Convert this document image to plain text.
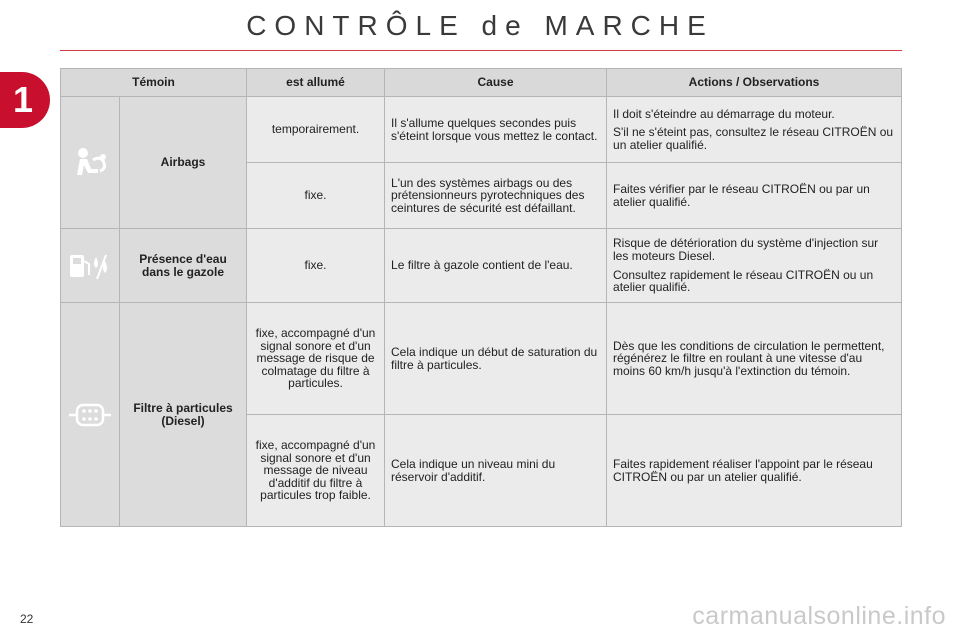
CONTRÔLE de MARCHE
1	Témoin		est allumé	Cause	Actions / Observations
	Airbags	temporairement.	Il s'allume quelques secondes puis s'éteint lorsque vous mettez le contact.	Il doit s'éteindre au démarrage du moteur.

S'il ne s'éteint pas, consultez le réseau CITROËN ou un atelier qualifié.

		fixe.	L'un des systèmes airbags ou des prétensionneurs pyrotechniques des ceintures de sécurité est défaillant.	Faites vérifier par le réseau CITROËN ou par un atelier qualifié.

	Présence d'eau dans le gazole	fixe.	Le filtre à gazole contient de l'eau.	Risque de détérioration du système d'injection sur les moteurs Diesel.

Consultez rapidement le réseau CITROËN ou un atelier qualifié.

	Filtre à particules (Diesel)	fixe, accompagné d'un signal sonore et d'un message de risque de colmatage du filtre à particules.	Cela indique un début de saturation du filtre à particules.	Dès que les conditions de circulation le permettent, régénérez le filtre en roulant à une vitesse d'au moins 60 km/h jusqu'à l'extinction du témoin.

		fixe, accompagné d'un signal sonore et d'un message de niveau d'additif du filtre à particules trop faible.	Cela indique un niveau mini du réservoir d'additif.	Faites rapidement réaliser l'appoint par le réseau CITROËN ou par un atelier qualifié.

22	carmanualsonline.info
